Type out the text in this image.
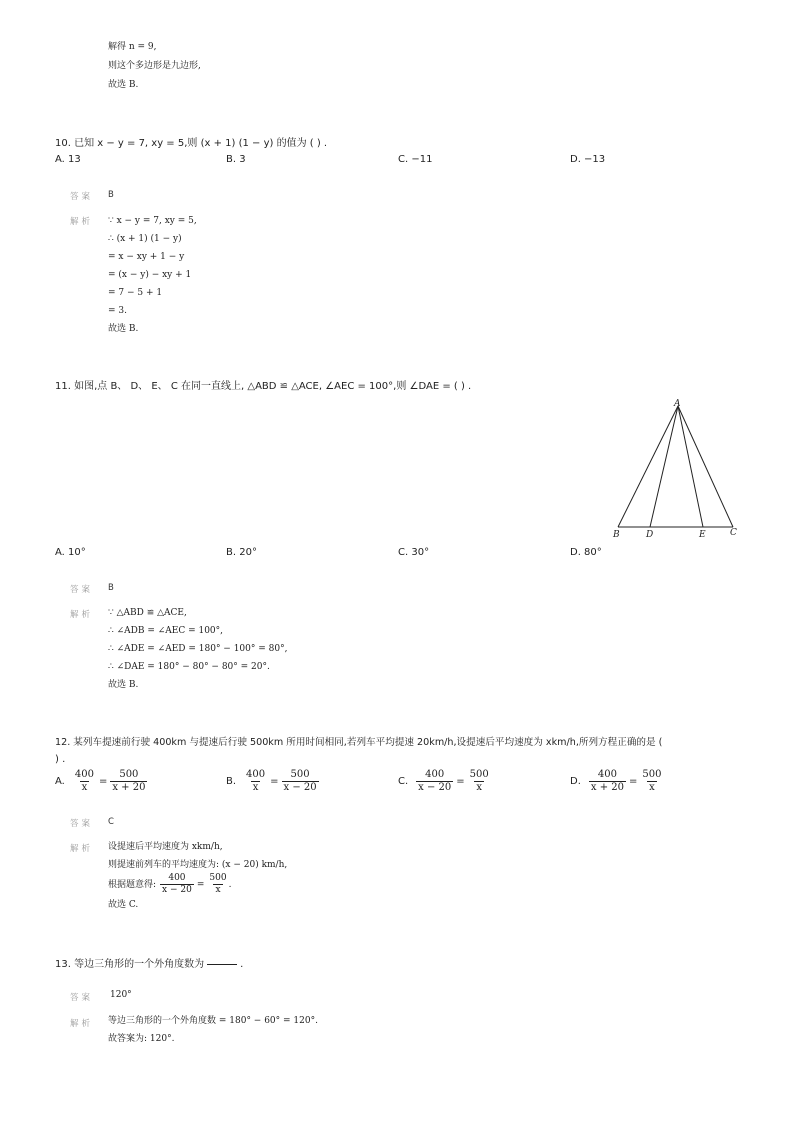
解得 n = 9,
则这个多边形是九边形,
故选 B.
10. 已知 x − y = 7, xy = 5,则 (x + 1) (1 − y) 的值为 ( ) .
A. 13	B. 3	C. −11	D. −13
答案 B
解析 ∵ x − y = 7, xy = 5,
∴ (x + 1) (1 − y)
= x − xy + 1 − y
= (x − y) − xy + 1
= 7 − 5 + 1
= 3.
故选 B.
11. 如图,点 B、 D、 E、 C 在同一直线上, △ABD ≌ △ACE, ∠AEC = 100°,则 ∠DAE = ( ) .
A
B	D	E	C
A. 10°	B. 20°	C. 30°	D. 80°
答案 B
解析 ∵ △ABD ≌ △ACE,
∴ ∠ADB = ∠AEC = 100°,
∴ ∠ADE = ∠AED = 180° − 100° = 80°,
∴ ∠DAE = 180° − 80° − 80° = 20°.
故选 B.
12. 某列车提速前行驶 400km 与提速后行驶 500km 所用时间相同,若列车平均提速 20km/h,设提速后平均速度为 xkm/h,所列方程正确的是 (
) .
A. $\frac{400}{x} = \frac{500}{x + 20}$	B. $\frac{400}{x} = \frac{500}{x - 20}$	C. $\frac{400}{x - 20} = \frac{500}{x}$	D. $\frac{400}{x + 20} = \frac{500}{x}$
答案 C
解析 设提速后平均速度为 xkm/h,
则提速前列车的平均速度为: (x − 20) km/h,
根据题意得: $\frac{400}{x - 20} = \frac{500}{x}$ .
故选 C.
13. 等边三角形的一个外角度数为	.
答案 120°
解析 等边三角形的一个外角度数 = 180° − 60° = 120°.
故答案为: 120°.
